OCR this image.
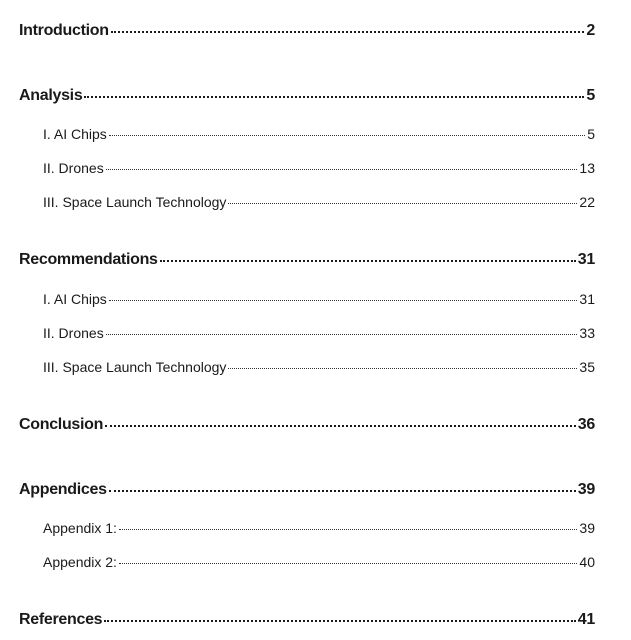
Introduction	2
Analysis	5
I. AI Chips	5
II. Drones	13
III. Space Launch Technology	22
Recommendations	31
I. AI Chips	31
II. Drones	33
III. Space Launch Technology	35
Conclusion	36
Appendices	39
Appendix 1:	39
Appendix 2:	40
References	41
